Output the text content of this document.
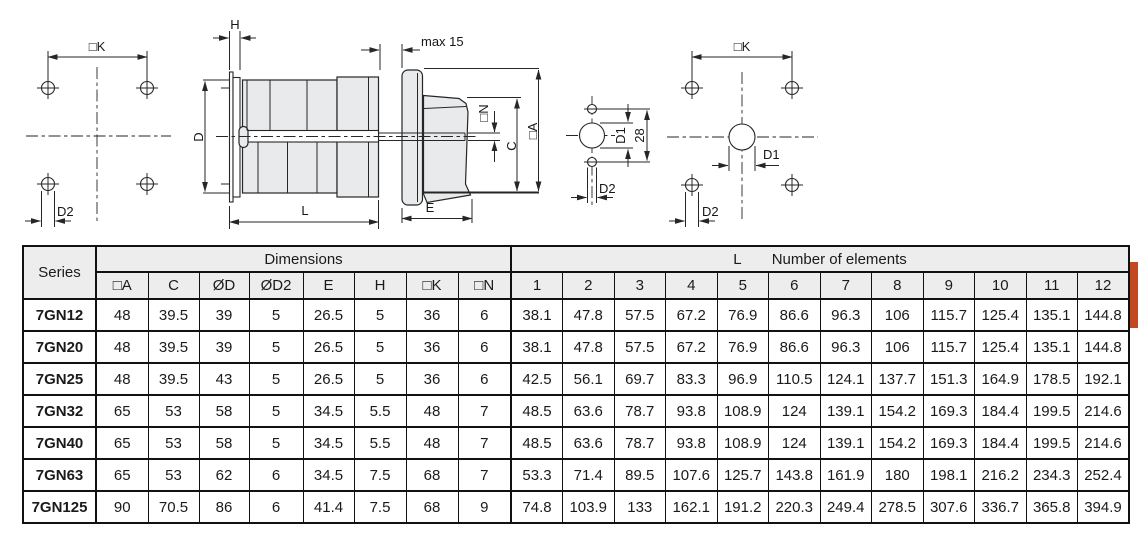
□K
D2
D
H
max 15
□N
C
□A
L	E
D1 28
D2
□K
D1
D2
Series	Dimensions								L Number of elements											
	□A	C	ØD	ØD2	E	H	□K	□N	1	2	3	4	5	6	7	8	9	10	11	12
7GN12	48	39.5	39	5	26.5	5	36	6	38.1	47.8	57.5	67.2	76.9	86.6	96.3	106	115.7	125.4	135.1	144.8
7GN20	48	39.5	39	5	26.5	5	36	6	38.1	47.8	57.5	67.2	76.9	86.6	96.3	106	115.7	125.4	135.1	144.8
7GN25	48	39.5	43	5	26.5	5	36	6	42.5	56.1	69.7	83.3	96.9	110.5	124.1	137.7	151.3	164.9	178.5	192.1
7GN32	65	53	58	5	34.5	5.5	48	7	48.5	63.6	78.7	93.8	108.9	124	139.1	154.2	169.3	184.4	199.5	214.6
7GN40	65	53	58	5	34.5	5.5	48	7	48.5	63.6	78.7	93.8	108.9	124	139.1	154.2	169.3	184.4	199.5	214.6
7GN63	65	53	62	6	34.5	7.5	68	7	53.3	71.4	89.5	107.6	125.7	143.8	161.9	180	198.1	216.2	234.3	252.4
7GN125	90	70.5	86	6	41.4	7.5	68	9	74.8	103.9	133	162.1	191.2	220.3	249.4	278.5	307.6	336.7	365.8	394.9
